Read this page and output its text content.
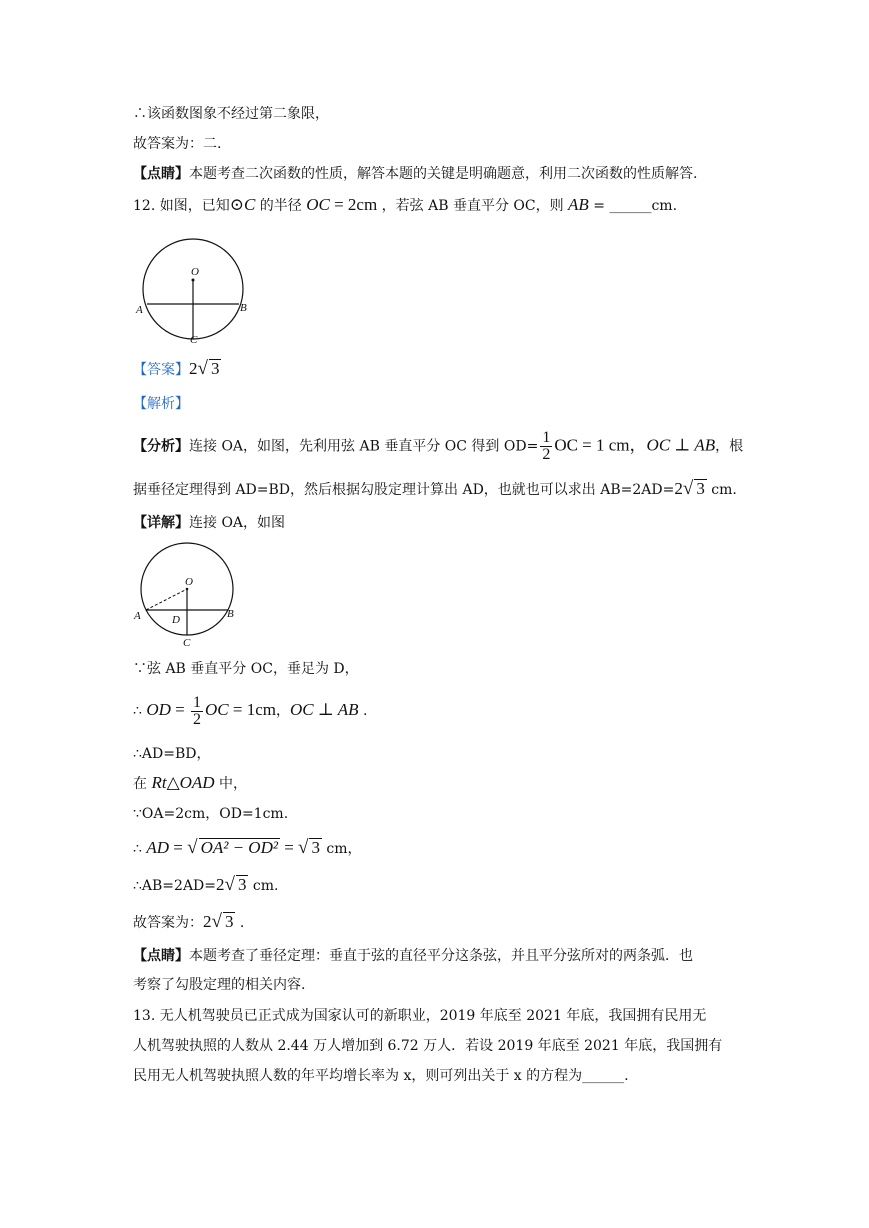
∴该函数图象不经过第二象限，
故答案为：二.
【点睛】本题考查二次函数的性质，解答本题的关键是明确题意，利用二次函数的性质解答.
12. 如图，已知⊙C 的半径 OC = 2cm ，若弦 AB 垂直平分 OC，则 AB = ______cm.
O
A	B
C
【答案】2√ 3
【解析】
【分析】连接 OA，如图，先利用弦 AB 垂直平分 OC 得到 $OD= \frac{1}{2}$ OC = 1 cm，OC ⊥ AB，根
据垂径定理得到 AD=BD，然后根据勾股定理计算出 AD，也就也可以求出 AB=2AD=2√ 3 cm.
【详解】连接 OA，如图
O
A	B
D
C
∵弦 AB 垂直平分 OC，垂足为 D，
∴ OD = $\frac{1}{2}$ OC = 1cm，OC ⊥ AB .
∴AD=BD，
在 Rt△OAD 中，
∵OA=2cm，OD=1cm.
∴ AD = √ OA² − OD² = √ 3 cm，
∴AB=2AD=2√ 3 cm.
故答案为：2√ 3 .
【点睛】本题考查了垂径定理：垂直于弦的直径平分这条弦，并且平分弦所对的两条弧．也
考察了勾股定理的相关内容.
13. 无人机驾驶员已正式成为国家认可的新职业，2019 年底至 2021 年底，我国拥有民用无
人机驾驶执照的人数从 2.44 万人增加到 6.72 万人．若设 2019 年底至 2021 年底，我国拥有
民用无人机驾驶执照人数的年平均增长率为 x，则可列出关于 x 的方程为______.
